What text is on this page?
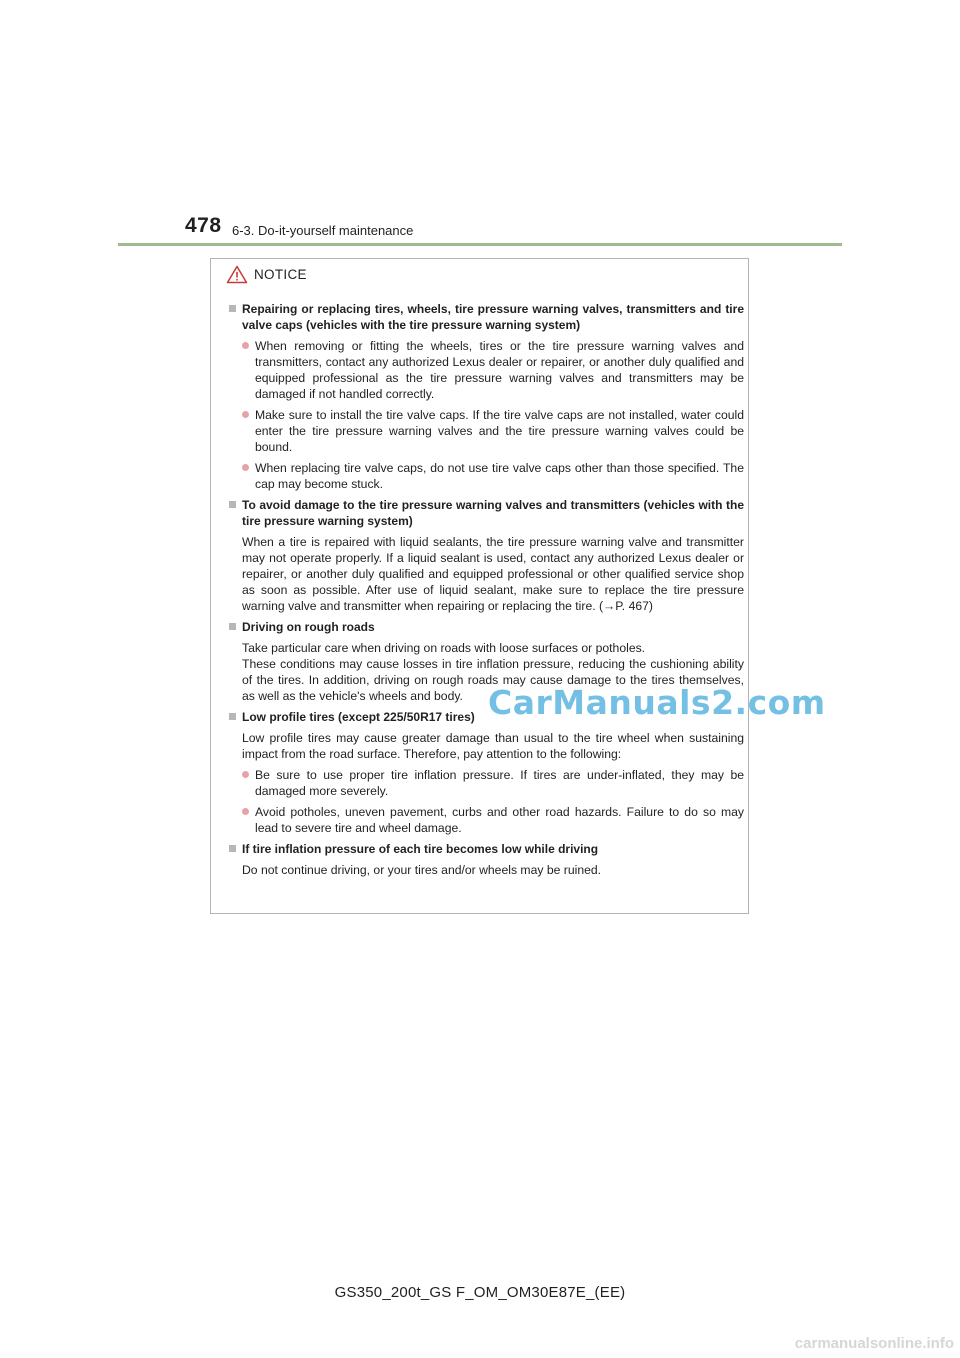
478 6-3. Do-it-yourself maintenance
NOTICE
Repairing or replacing tires, wheels, tire pressure warning valves, transmitters and tire valve caps (vehicles with the tire pressure warning system)
When removing or fitting the wheels, tires or the tire pressure warning valves and transmitters, contact any authorized Lexus dealer or repairer, or another duly qualified and equipped professional as the tire pressure warning valves and transmitters may be damaged if not handled correctly.
Make sure to install the tire valve caps. If the tire valve caps are not installed, water could enter the tire pressure warning valves and the tire pressure warning valves could be bound.
When replacing tire valve caps, do not use tire valve caps other than those specified. The cap may become stuck.
To avoid damage to the tire pressure warning valves and transmitters (vehicles with the tire pressure warning system)

When a tire is repaired with liquid sealants, the tire pressure warning valve and transmitter may not operate properly. If a liquid sealant is used, contact any authorized Lexus dealer or repairer, or another duly qualified and equipped professional or other qualified service shop as soon as possible. After use of liquid sealant, make sure to replace the tire pressure warning valve and transmitter when repairing or replacing the tire. (→P. 467)

Driving on rough roads

Take particular care when driving on roads with loose surfaces or potholes.

These conditions may cause losses in tire inflation pressure, reducing the cushioning ability of the tires. In addition, driving on rough roads may cause damage to the tires themselves, as well as the vehicle's wheels and body.

Low profile tires (except 225/50R17 tires)

Low profile tires may cause greater damage than usual to the tire wheel when sustaining impact from the road surface. Therefore, pay attention to the following:

Be sure to use proper tire inflation pressure. If tires are under-inflated, they may be damaged more severely.
Avoid potholes, uneven pavement, curbs and other road hazards. Failure to do so may lead to severe tire and wheel damage.
If tire inflation pressure of each tire becomes low while driving

Do not continue driving, or your tires and/or wheels may be ruined.

CarManuals2.com
GS350_200t_GS F_OM_OM30E87E_(EE)
carmanualsonline.info
